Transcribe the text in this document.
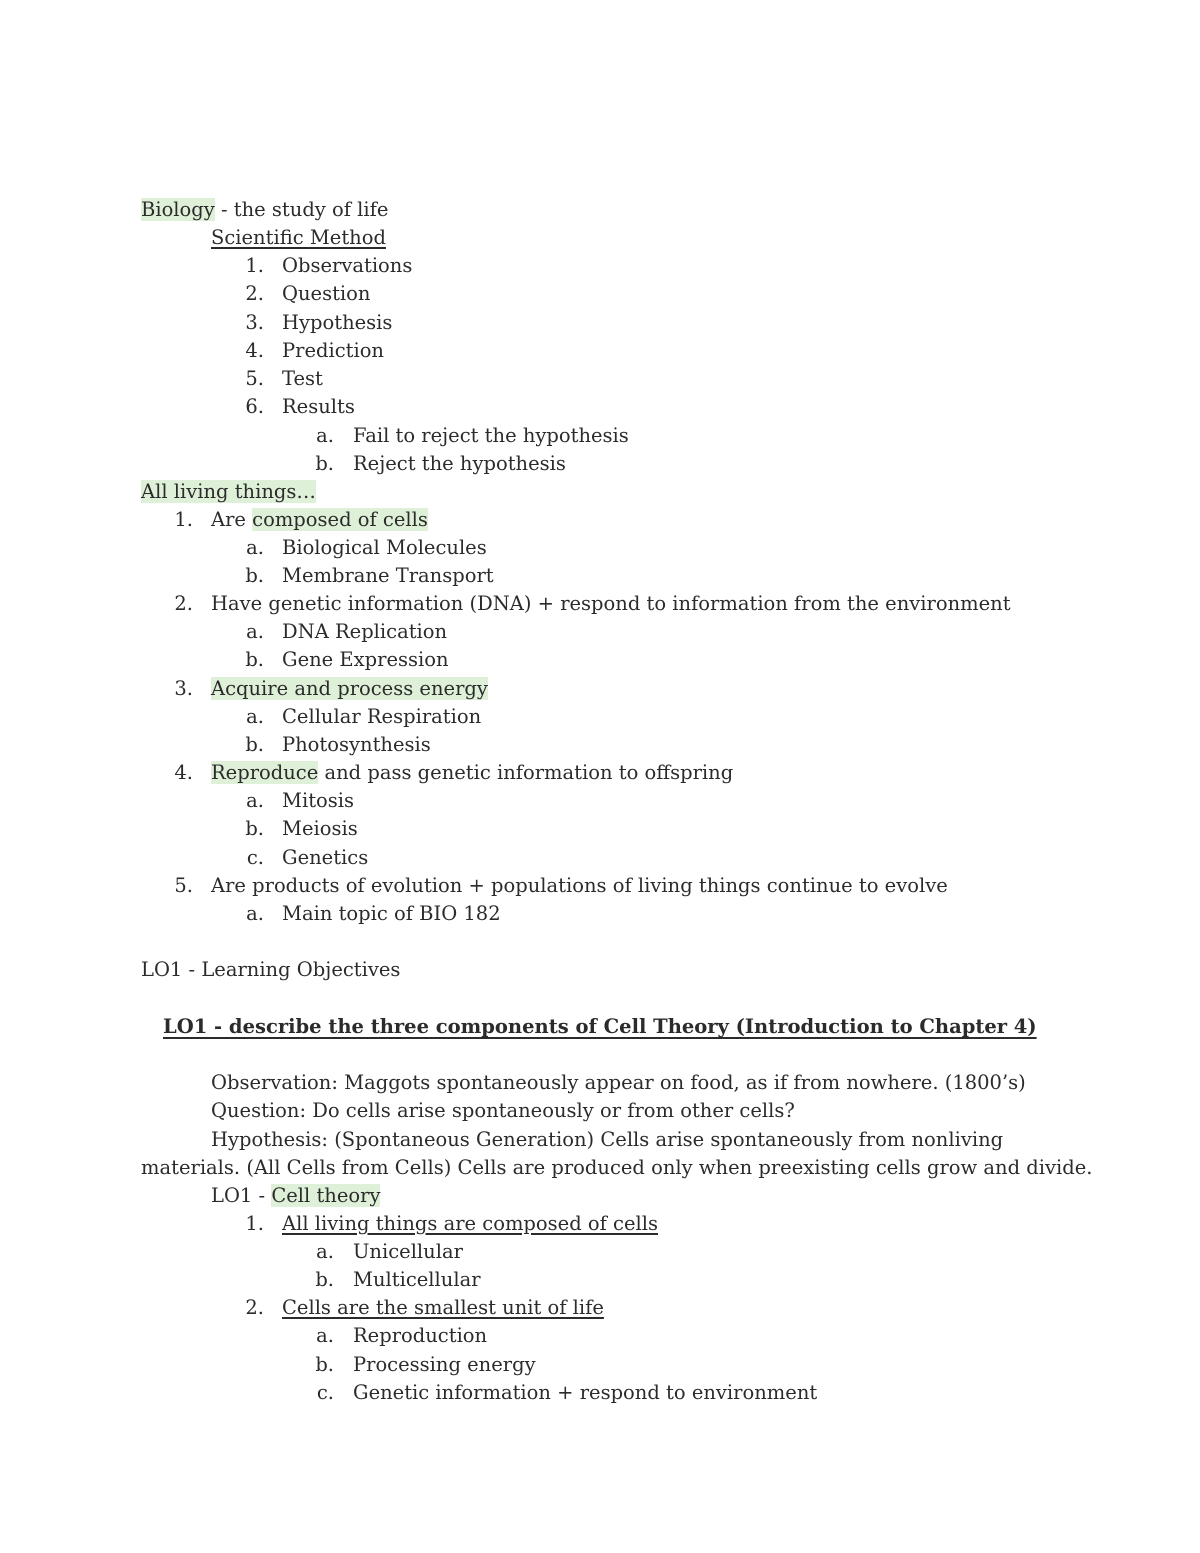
Biology - the study of life
Scientific Method
1. Observations
2. Question
3. Hypothesis
4. Prediction
5. Test
6. Results
a. Fail to reject the hypothesis
b. Reject the hypothesis
All living things…
1. Are composed of cells
a. Biological Molecules
b. Membrane Transport
2. Have genetic information (DNA) + respond to information from the environment
a. DNA Replication
b. Gene Expression
3. Acquire and process energy
a. Cellular Respiration
b. Photosynthesis
4. Reproduce and pass genetic information to offspring
a. Mitosis
b. Meiosis
c. Genetics
5. Are products of evolution + populations of living things continue to evolve
a. Main topic of BIO 182
LO1 - Learning Objectives
LO1 - describe the three components of Cell Theory (Introduction to Chapter 4)
Observation: Maggots spontaneously appear on food, as if from nowhere. (1800’s)
Question: Do cells arise spontaneously or from other cells?
Hypothesis: (Spontaneous Generation) Cells arise spontaneously from nonliving
materials. (All Cells from Cells) Cells are produced only when preexisting cells grow and divide.
LO1 - Cell theory
1. All living things are composed of cells
a. Unicellular
b. Multicellular
2. Cells are the smallest unit of life
a. Reproduction
b. Processing energy
c. Genetic information + respond to environment
